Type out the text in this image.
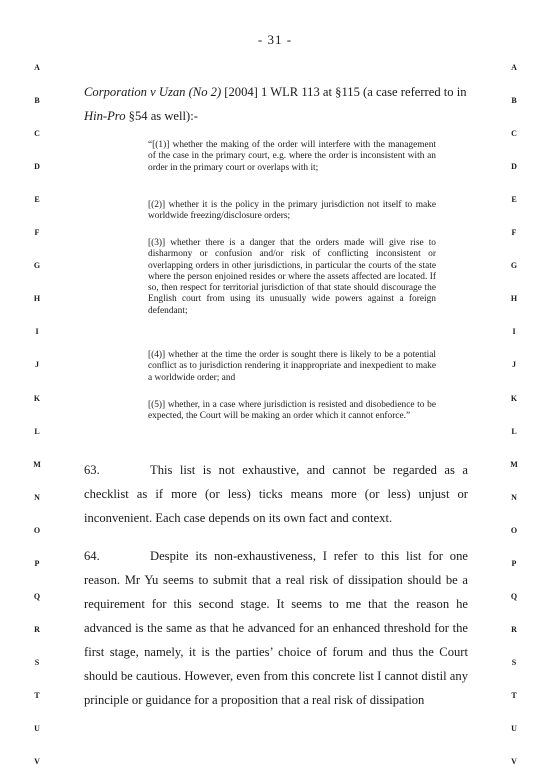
- 31 -
A	A
B	B
C	C
D	D
E	E
F	F
G	G
H	H
I	I
J	J
K	K
L	L
M	M
N	N
O	O
P	P
Q	Q
R	R
S	S
T	T
U	U
V	V
Corporation v Uzan (No 2) [2004] 1 WLR 113 at §115 (a case referred to in Hin-Pro §54 as well):-

“[(1)] whether the making of the order will interfere with the management of the case in the primary court, e.g. where the order is inconsistent with an order in the primary court or overlaps with it;

[(2)] whether it is the policy in the primary jurisdiction not itself to make worldwide freezing/disclosure orders;

[(3)] whether there is a danger that the orders made will give rise to disharmony or confusion and/or risk of conflicting inconsistent or overlapping orders in other jurisdictions, in particular the courts of the state where the person enjoined resides or where the assets affected are located. If so, then respect for territorial jurisdiction of that state should discourage the English court from using its unusually wide powers against a foreign defendant;

[(4)] whether at the time the order is sought there is likely to be a potential conflict as to jurisdiction rendering it inappropriate and inexpedient to make a worldwide order; and

[(5)] whether, in a case where jurisdiction is resisted and disobedience to be expected, the Court will be making an order which it cannot enforce.”

63.	This list is not exhaustive, and cannot be regarded as a checklist as if more (or less) ticks means more (or less) unjust or inconvenient. Each case depends on its own fact and context.
64.	Despite its non-exhaustiveness, I refer to this list for one reason. Mr Yu seems to submit that a real risk of dissipation should be a requirement for this second stage. It seems to me that the reason he advanced is the same as that he advanced for an enhanced threshold for the first stage, namely, it is the parties’ choice of forum and thus the Court should be cautious. However, even from this concrete list I cannot distil any principle or guidance for a proposition that a real risk of dissipation
